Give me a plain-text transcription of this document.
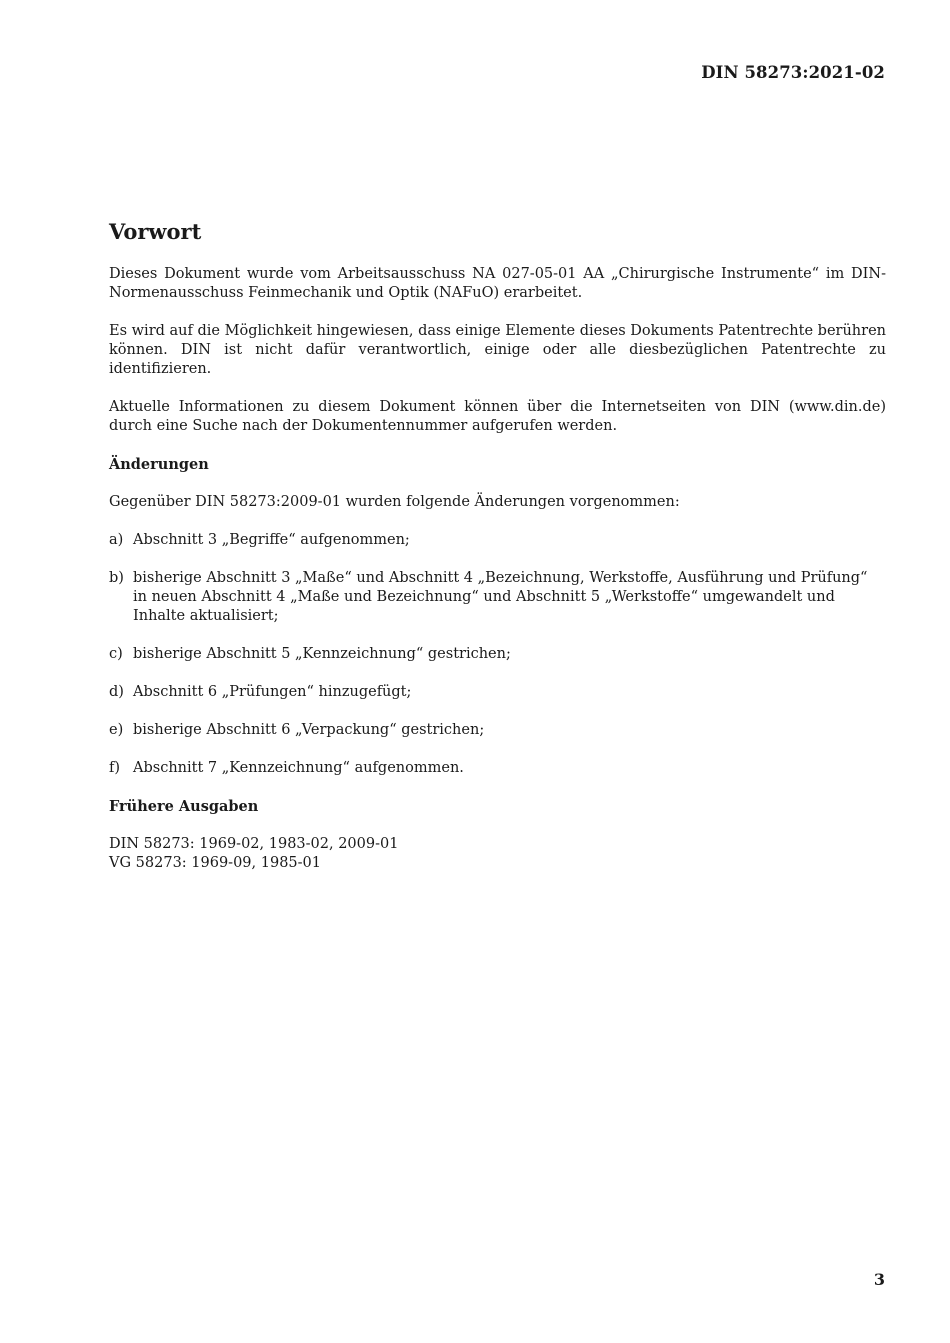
DIN 58273:2021-02
Vorwort

Dieses Dokument wurde vom Arbeitsausschuss NA 027-05-01 AA „Chirurgische Instrumente“ im DIN-Normenausschuss Feinmechanik und Optik (NAFuO) erarbeitet.

Es wird auf die Möglichkeit hingewiesen, dass einige Elemente dieses Dokuments Patentrechte berühren können. DIN ist nicht dafür verantwortlich, einige oder alle diesbezüglichen Patentrechte zu identifizieren.

Aktuelle Informationen zu diesem Dokument können über die Internetseiten von DIN (www.din.de) durch eine Suche nach der Dokumentennummer aufgerufen werden.

Änderungen

Gegenüber DIN 58273:2009-01 wurden folgende Änderungen vorgenommen:

a) Abschnitt 3 „Begriffe“ aufgenommen;
b) bisherige Abschnitt 3 „Maße“ und Abschnitt 4 „Bezeichnung, Werkstoffe, Ausführung und Prüfung“ in neuen Abschnitt 4 „Maße und Bezeichnung“ und Abschnitt 5 „Werkstoffe“ umgewandelt und Inhalte aktualisiert;
c) bisherige Abschnitt 5 „Kennzeichnung“ gestrichen;
d) Abschnitt 6 „Prüfungen“ hinzugefügt;
e) bisherige Abschnitt 6 „Verpackung“ gestrichen;
f) Abschnitt 7 „Kennzeichnung“ aufgenommen.
Frühere Ausgaben
DIN 58273: 1969-02, 1983-02, 2009-01
VG 58273: 1969-09, 1985-01
3
